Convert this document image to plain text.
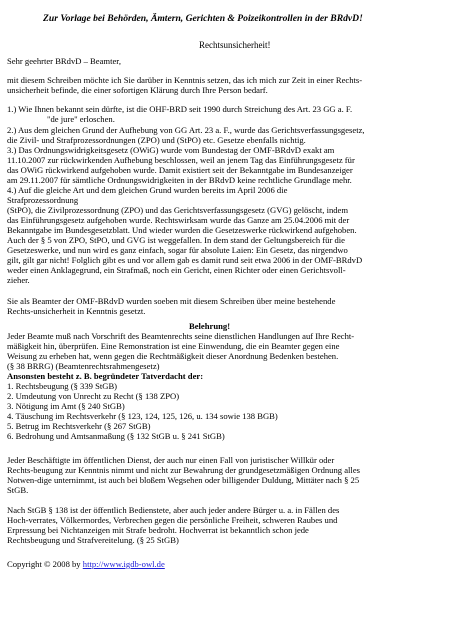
Zur Vorlage bei Behörden, Ämtern, Gerichten & Poizeikontrollen in der BRdvD!
Rechtsunsicherheit!
Sehr geehrter BRdvD – Beamter,
mit diesem Schreiben möchte ich Sie darüber in Kenntnis setzen, das ich mich zur Zeit in einer Rechts-
unsicherheit befinde, die einer sofortigen Klärung durch Ihre Person bedarf.
1.) Wie Ihnen bekannt sein dürfte, ist die OHF-BRD seit 1990 durch Streichung des Art. 23 GG a. F.
"de jure" erloschen.
2.) Aus dem gleichen Grund der Aufhebung von GG Art. 23 a. F., wurde das Gerichtsverfassungsgesetz,
die Zivil- und Strafprozessordnungen (ZPO) und (StPO) etc. Gesetze ebenfalls nichtig.
3.) Das Ordnungswidrigkeitsgesetz (OWiG) wurde vom Bundestag der OMF-BRdvD exakt am
11.10.2007 zur rückwirkenden Aufhebung beschlossen, weil an jenem Tag das Einführungsgesetz für
das OWiG rückwirkend aufgehoben wurde. Damit existiert seit der Bekanntgabe im Bundesanzeiger
am 29.11.2007 für sämtliche Ordnungswidrigkeiten in der BRdvD keine rechtliche Grundlage mehr.
4.) Auf die gleiche Art und dem gleichen Grund wurden bereits im April 2006 die
Strafprozessordnung
(StPO), die Zivilprozessordnung (ZPO) und das Gerichtsverfassungsgesetz (GVG) gelöscht, indem
das Einführungsgesetz aufgehoben wurde. Rechtswirksam wurde das Ganze am 25.04.2006 mit der
Bekanntgabe im Bundesgesetzblatt. Und wieder wurden die Gesetzeswerke rückwirkend aufgehoben.
Auch der § 5 von ZPO, StPO, und GVG ist weggefallen. In dem stand der Geltungsbereich für die
Gesetzeswerke, und nun wird es ganz einfach, sogar für absolute Laien: Ein Gesetz, das nirgendwo
gilt, gilt gar nicht! Folglich gibt es und vor allem gab es damit rund seit etwa 2006 in der OMF-BRdvD
weder einen Anklagegrund, ein Strafmaß, noch ein Gericht, einen Richter oder einen Gerichtsvoll-
zieher.
Sie als Beamter der OMF-BRdvD wurden soeben mit diesem Schreiben über meine bestehende
Rechts-unsicherheit in Kenntnis gesetzt.
Belehrung!
Jeder Beamte muß nach Vorschrift des Beamtenrechts seine dienstlichen Handlungen auf Ihre Recht-
mäßigkeit hin, überprüfen. Eine Remonstration ist eine Einwendung, die ein Beamter gegen eine
Weisung zu erheben hat, wenn gegen die Rechtmäßigkeit dieser Anordnung Bedenken bestehen.
(§ 38 BRRG) (Beamtenrechtsrahmengesetz)
Ansonsten besteht z. B. begründeter Tatverdacht der:
1. Rechtsbeugung (§ 339 StGB)
2. Umdeutung von Unrecht zu Recht (§ 138 ZPO)
3. Nötigung im Amt (§ 240 StGB)
4. Täuschung im Rechtsverkehr (§ 123, 124, 125, 126, u. 134 sowie 138 BGB)
5. Betrug im Rechtsverkehr (§ 267 StGB)
6. Bedrohung und Amtsanmaßung (§ 132 StGB u. § 241 StGB)
Jeder Beschäftigte im öffentlichen Dienst, der auch nur einen Fall von juristischer Willkür oder
Rechts-beugung zur Kenntnis nimmt und nicht zur Bewahrung der grundgesetzmäßigen Ordnung alles
Notwen-dige unternimmt, ist auch bei bloßem Wegsehen oder billigender Duldung, Mittäter nach § 25
StGB.
Nach StGB § 138 ist der öffentlich Bedienstete, aber auch jeder andere Bürger u. a. in Fällen des
Hoch-verrates, Völkermordes, Verbrechen gegen die persönliche Freiheit, schweren Raubes und
Erpressung bei Nichtanzeigen mit Strafe bedroht. Hochverrat ist bekanntlich schon jede
Rechtsbeugung und Strafvereitelung. (§ 25 StGB)
Copyright © 2008 by http://www.igdb-owl.de
